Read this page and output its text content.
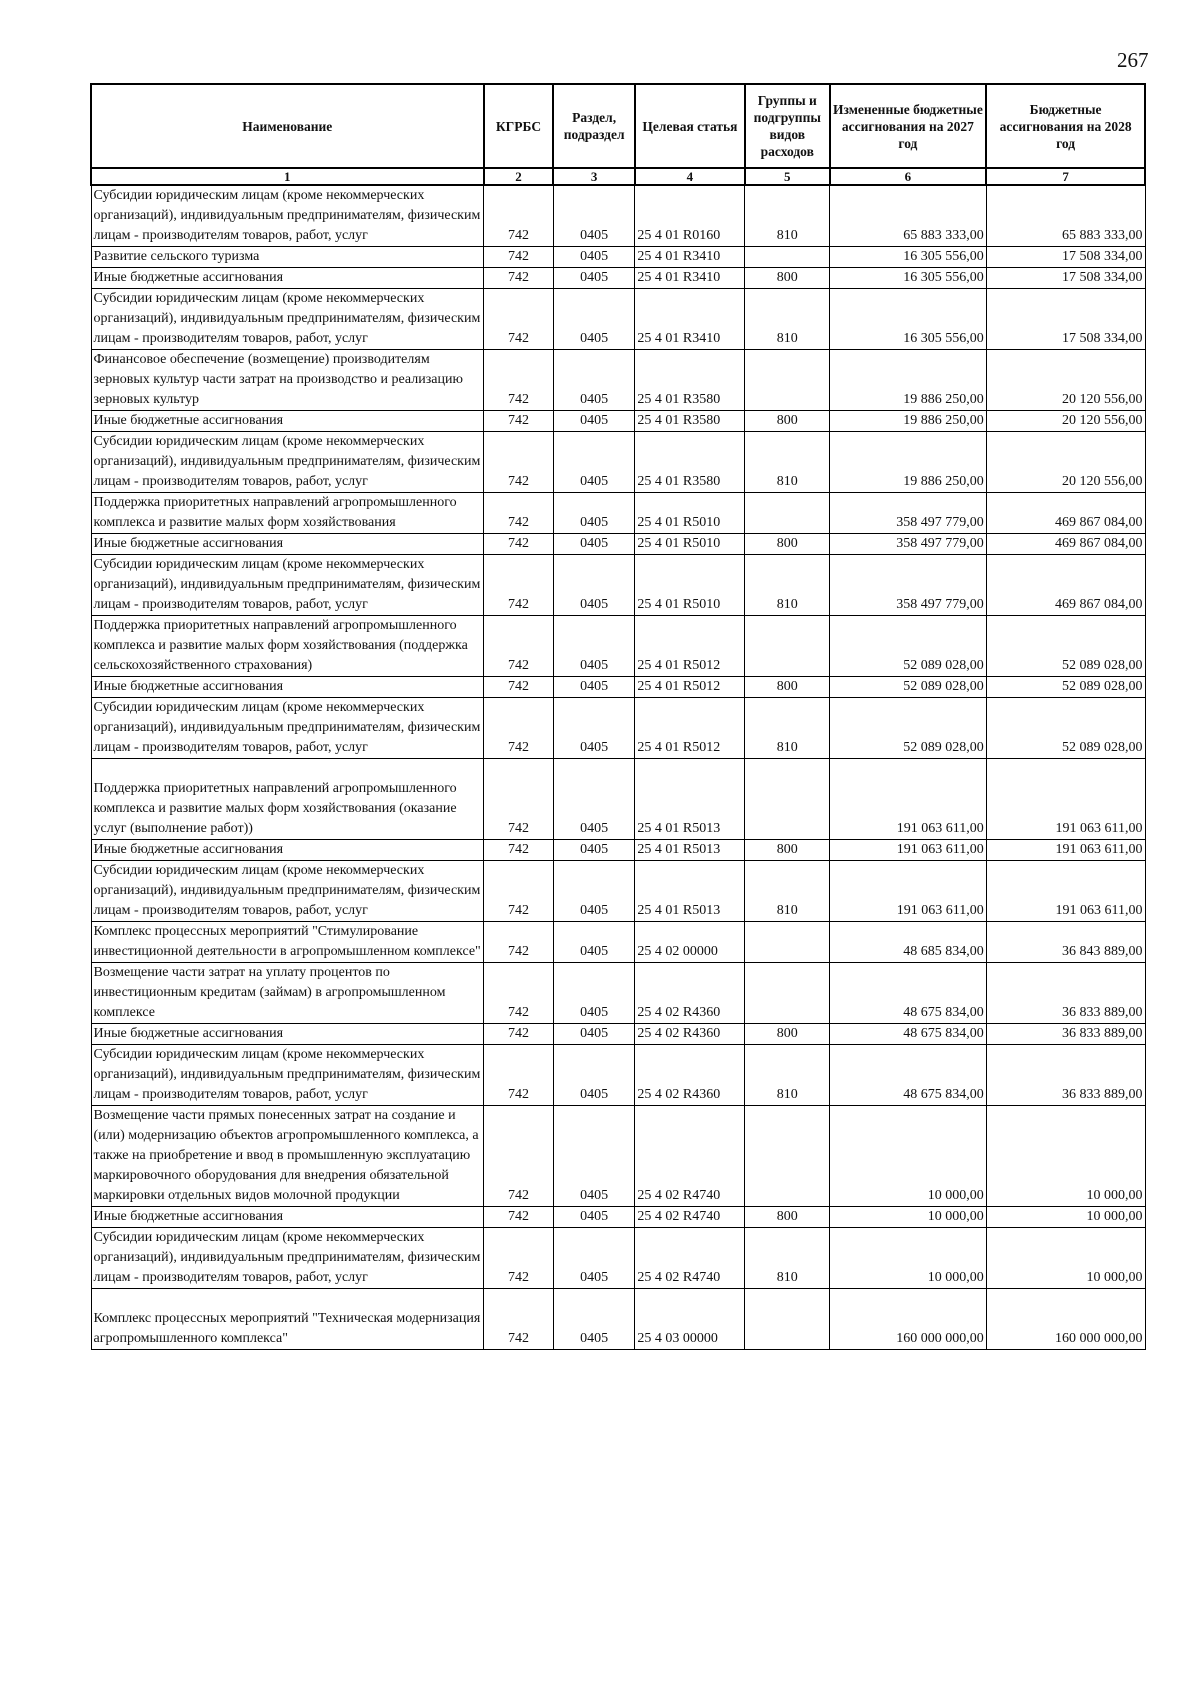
267
Наименование	КГРБС	Раздел, подраздел	Целевая статья	Группы и подгруппы видов расходов	Измененные бюджетные ассигнования на 2027 год	Бюджетные ассигнования на 2028 год
1	2	3	4	5	6	7
Субсидии юридическим лицам (кроме некоммерческих организаций), индивидуальным предпринимателям, физическим лицам - производителям товаров, работ, услуг	742	0405	25 4 01 R0160	810	65 883 333,00	65 883 333,00
Развитие сельского туризма	742	0405	25 4 01 R3410		16 305 556,00	17 508 334,00
Иные бюджетные ассигнования	742	0405	25 4 01 R3410	800	16 305 556,00	17 508 334,00
Субсидии юридическим лицам (кроме некоммерческих организаций), индивидуальным предпринимателям, физическим лицам - производителям товаров, работ, услуг	742	0405	25 4 01 R3410	810	16 305 556,00	17 508 334,00
Финансовое обеспечение (возмещение) производителям зерновых культур части затрат на производство и реализацию зерновых культур	742	0405	25 4 01 R3580		19 886 250,00	20 120 556,00
Иные бюджетные ассигнования	742	0405	25 4 01 R3580	800	19 886 250,00	20 120 556,00
Субсидии юридическим лицам (кроме некоммерческих организаций), индивидуальным предпринимателям, физическим лицам - производителям товаров, работ, услуг	742	0405	25 4 01 R3580	810	19 886 250,00	20 120 556,00
Поддержка приоритетных направлений агропромышленного комплекса и развитие малых форм хозяйствования	742	0405	25 4 01 R5010		358 497 779,00	469 867 084,00
Иные бюджетные ассигнования	742	0405	25 4 01 R5010	800	358 497 779,00	469 867 084,00
Субсидии юридическим лицам (кроме некоммерческих организаций), индивидуальным предпринимателям, физическим лицам - производителям товаров, работ, услуг	742	0405	25 4 01 R5010	810	358 497 779,00	469 867 084,00
Поддержка приоритетных направлений агропромышленного комплекса и развитие малых форм хозяйствования (поддержка сельскохозяйственного страхования)	742	0405	25 4 01 R5012		52 089 028,00	52 089 028,00
Иные бюджетные ассигнования	742	0405	25 4 01 R5012	800	52 089 028,00	52 089 028,00
Субсидии юридическим лицам (кроме некоммерческих организаций), индивидуальным предпринимателям, физическим лицам - производителям товаров, работ, услуг	742	0405	25 4 01 R5012	810	52 089 028,00	52 089 028,00
Поддержка приоритетных направлений агропромышленного комплекса и развитие малых форм хозяйствования (оказание услуг (выполнение работ))	742	0405	25 4 01 R5013		191 063 611,00	191 063 611,00
Иные бюджетные ассигнования	742	0405	25 4 01 R5013	800	191 063 611,00	191 063 611,00
Субсидии юридическим лицам (кроме некоммерческих организаций), индивидуальным предпринимателям, физическим лицам - производителям товаров, работ, услуг	742	0405	25 4 01 R5013	810	191 063 611,00	191 063 611,00
Комплекс процессных мероприятий "Стимулирование инвестиционной деятельности в агропромышленном комплексе"	742	0405	25 4 02 00000		48 685 834,00	36 843 889,00
Возмещение части затрат на уплату процентов по инвестиционным кредитам (займам) в агропромышленном комплексе	742	0405	25 4 02 R4360		48 675 834,00	36 833 889,00
Иные бюджетные ассигнования	742	0405	25 4 02 R4360	800	48 675 834,00	36 833 889,00
Субсидии юридическим лицам (кроме некоммерческих организаций), индивидуальным предпринимателям, физическим лицам - производителям товаров, работ, услуг	742	0405	25 4 02 R4360	810	48 675 834,00	36 833 889,00
Возмещение части прямых понесенных затрат на создание и (или) модернизацию объектов агропромышленного комплекса, а также на приобретение и ввод в промышленную эксплуатацию маркировочного оборудования для внедрения обязательной маркировки отдельных видов молочной продукции	742	0405	25 4 02 R4740		10 000,00	10 000,00
Иные бюджетные ассигнования	742	0405	25 4 02 R4740	800	10 000,00	10 000,00
Субсидии юридическим лицам (кроме некоммерческих организаций), индивидуальным предпринимателям, физическим лицам - производителям товаров, работ, услуг	742	0405	25 4 02 R4740	810	10 000,00	10 000,00
Комплекс процессных мероприятий "Техническая модернизация агропромышленного комплекса"	742	0405	25 4 03 00000		160 000 000,00	160 000 000,00
